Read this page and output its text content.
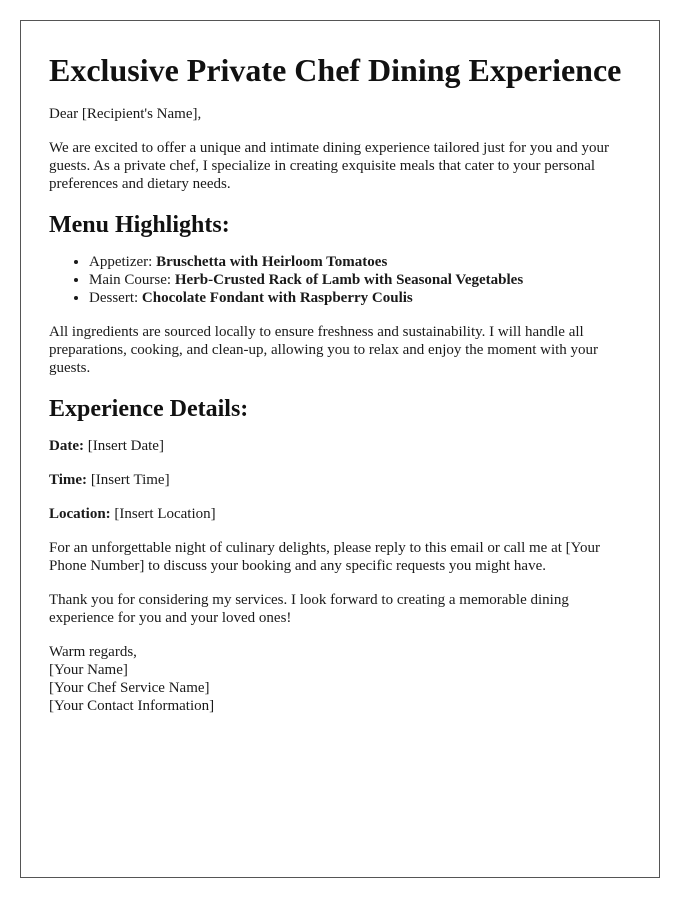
Exclusive Private Chef Dining Experience

Dear [Recipient's Name],

We are excited to offer a unique and intimate dining experience tailored just for you and your guests. As a private chef, I specialize in creating exquisite meals that cater to your personal preferences and dietary needs.

Menu Highlights:
• Appetizer: Bruschetta with Heirloom Tomatoes
• Main Course: Herb-Crusted Rack of Lamb with Seasonal Vegetables
• Dessert: Chocolate Fondant with Raspberry Coulis

All ingredients are sourced locally to ensure freshness and sustainability. I will handle all preparations, cooking, and clean-up, allowing you to relax and enjoy the moment with your guests.

Experience Details:

Date: [Insert Date]

Time: [Insert Time]

Location: [Insert Location]

For an unforgettable night of culinary delights, please reply to this email or call me at [Your Phone Number] to discuss your booking and any specific requests you might have.

Thank you for considering my services. I look forward to creating a memorable dining experience for you and your loved ones!

Warm regards,

[Your Name]

[Your Chef Service Name]

[Your Contact Information]
